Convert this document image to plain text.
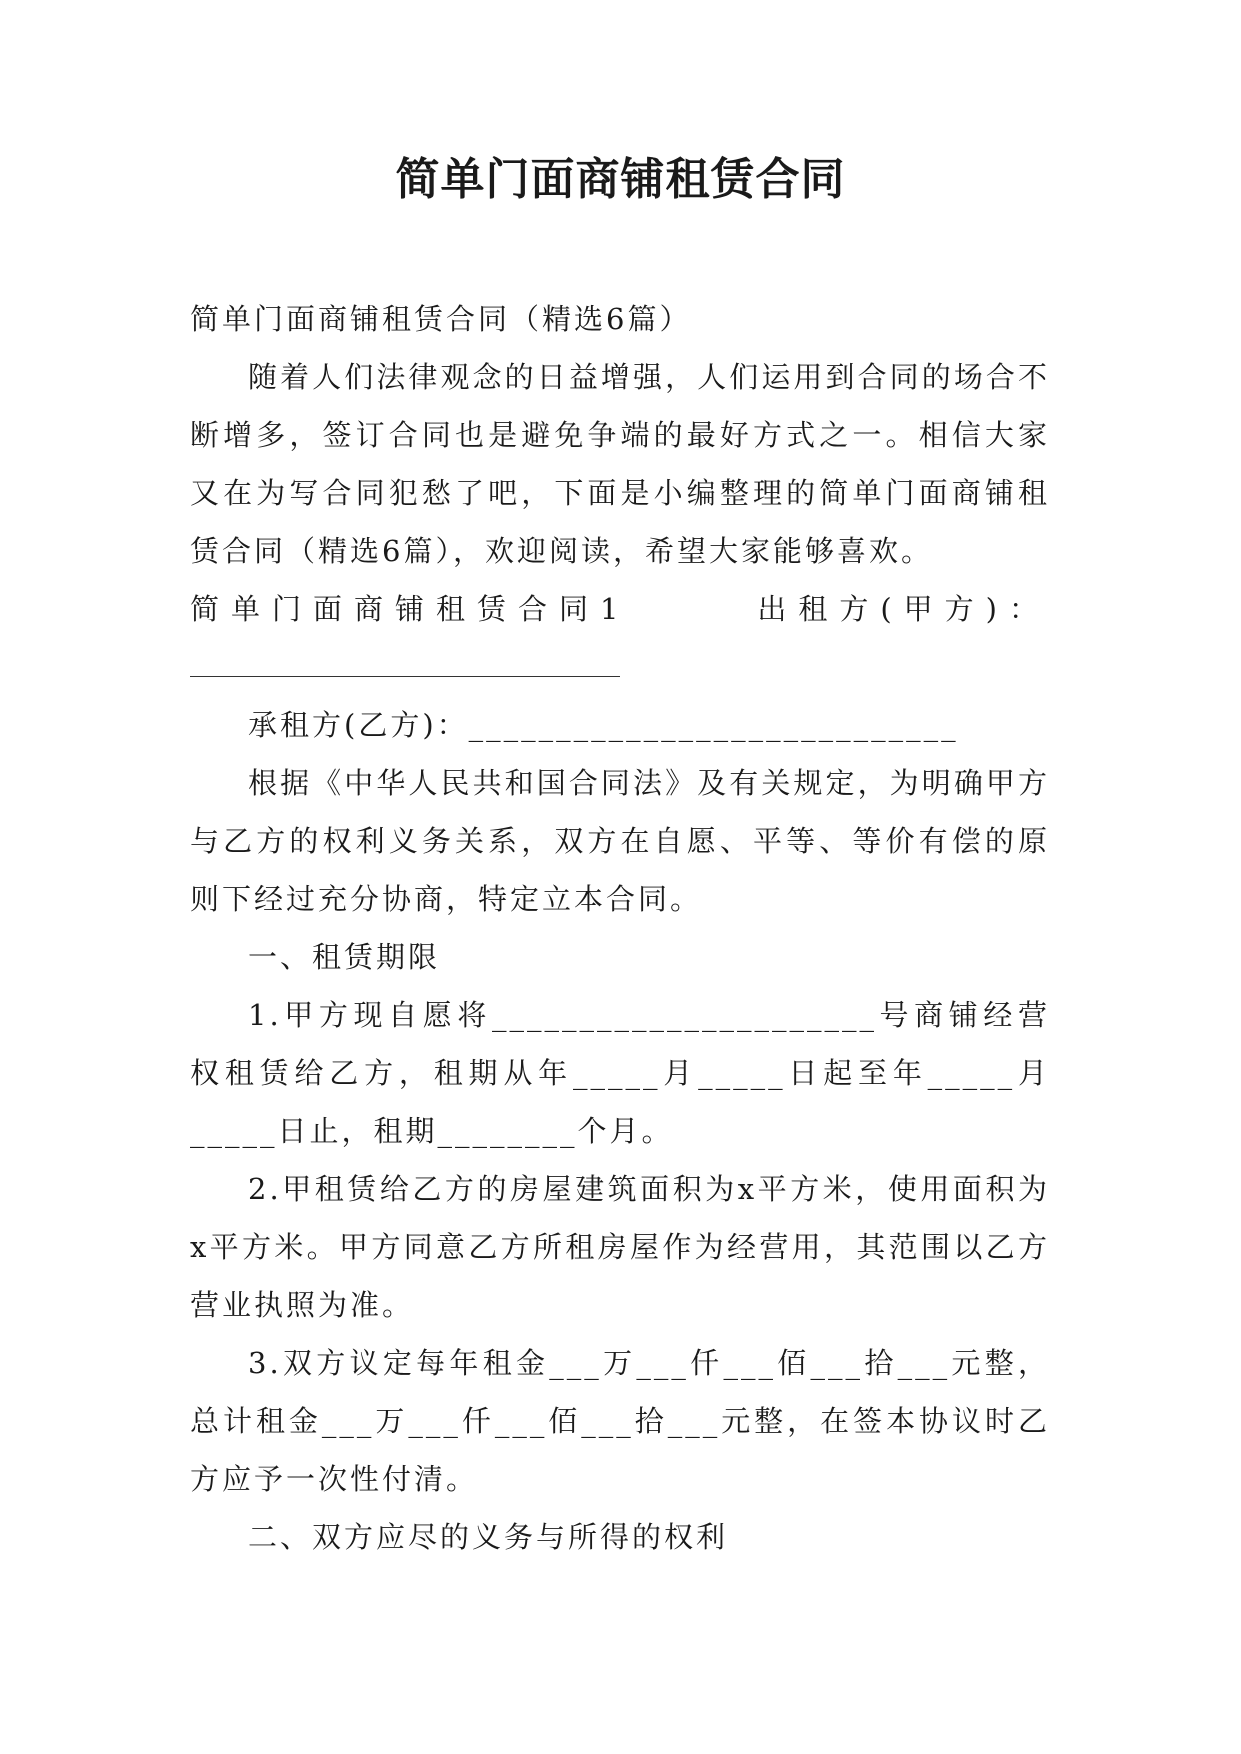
简单门面商铺租赁合同

简单门面商铺租赁合同（精选6篇）

随着人们法律观念的日益增强，人们运用到合同的场合不断增多，签订合同也是避免争端的最好方式之一。相信大家又在为写合同犯愁了吧，下面是小编整理的简单门面商铺租赁合同（精选6篇），欢迎阅读，希望大家能够喜欢。

简单门面商铺租赁合同1	出租方(甲方)：

承租方(乙方)：____________________________

根据《中华人民共和国合同法》及有关规定，为明确甲方与乙方的权利义务关系，双方在自愿、平等、等价有偿的原则下经过充分协商，特定立本合同。

一、租赁期限

1.甲方现自愿将______________________号商铺经营权租赁给乙方，租期从年_____月_____日起至年_____月_____日止，租期________个月。

2.甲租赁给乙方的房屋建筑面积为x平方米，使用面积为x平方米。甲方同意乙方所租房屋作为经营用，其范围以乙方营业执照为准。

3.双方议定每年租金___万___仟___佰___拾___元整，总计租金___万___仟___佰___拾___元整，在签本协议时乙方应予一次性付清。

二、双方应尽的义务与所得的权利
